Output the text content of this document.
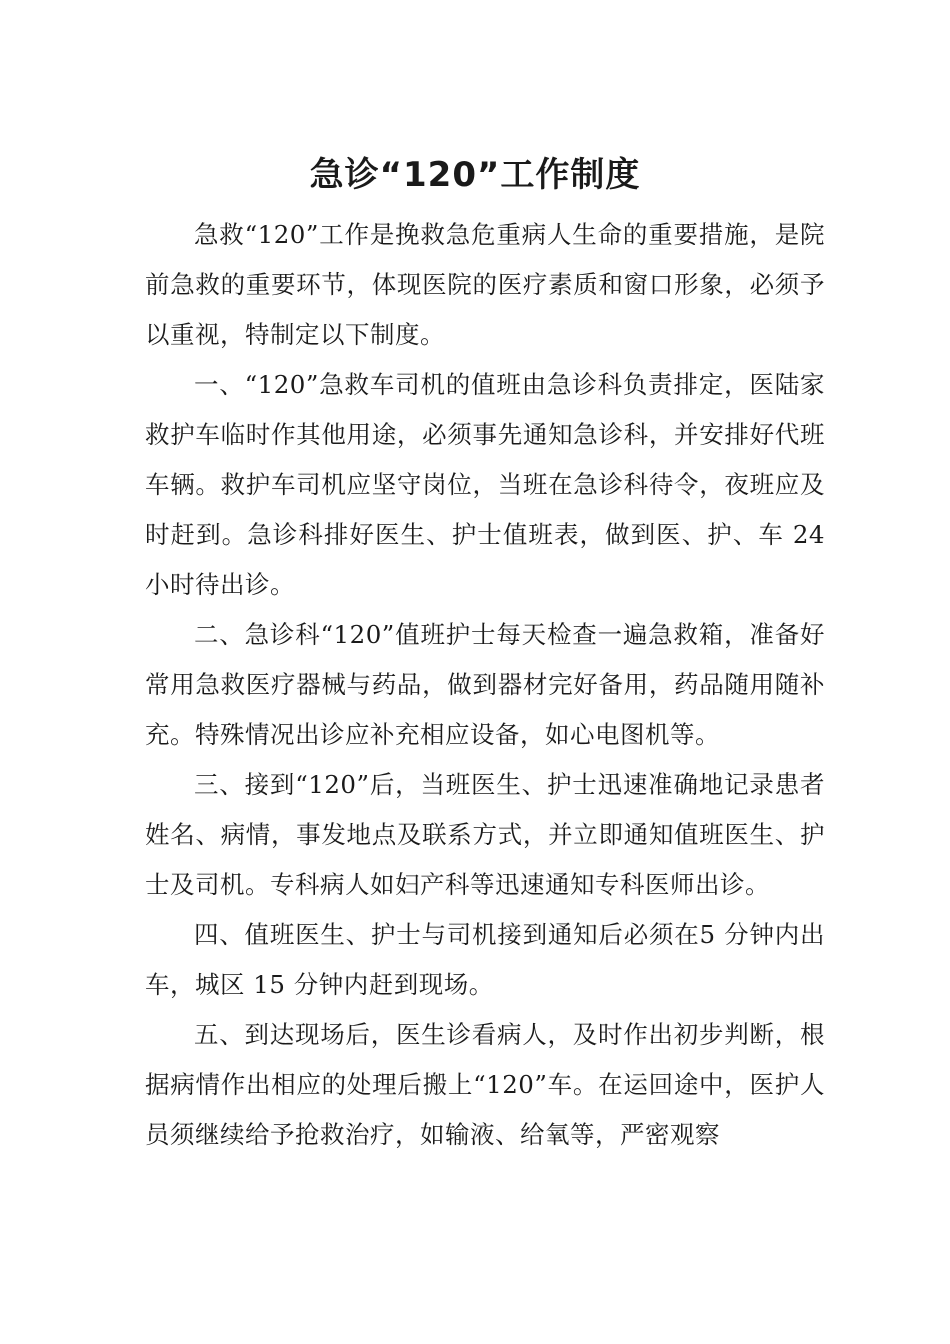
急诊“120”工作制度

急救“120”工作是挽救急危重病人生命的重要措施，是院前急救的重要环节，体现医院的医疗素质和窗口形象，必须予以重视，特制定以下制度。

一、“120”急救车司机的值班由急诊科负责排定，医陆家救护车临时作其他用途，必须事先通知急诊科，并安排好代班车辆。救护车司机应坚守岗位，当班在急诊科待令，夜班应及时赶到。急诊科排好医生、护士值班表，做到医、护、车 24 小时待出诊。

二、急诊科“120”值班护士每天检查一遍急救箱，准备好常用急救医疗器械与药品，做到器材完好备用，药品随用随补充。特殊情况出诊应补充相应设备，如心电图机等。

三、接到“120”后，当班医生、护士迅速准确地记录患者姓名、病情，事发地点及联系方式，并立即通知值班医生、护士及司机。专科病人如妇产科等迅速通知专科医师出诊。

四、值班医生、护士与司机接到通知后必须在5 分钟内出车，城区 15 分钟内赶到现场。

五、到达现场后，医生诊看病人，及时作出初步判断，根据病情作出相应的处理后搬上“120”车。在运回途中，医护人员须继续给予抢救治疗，如输液、给氧等，严密观察
